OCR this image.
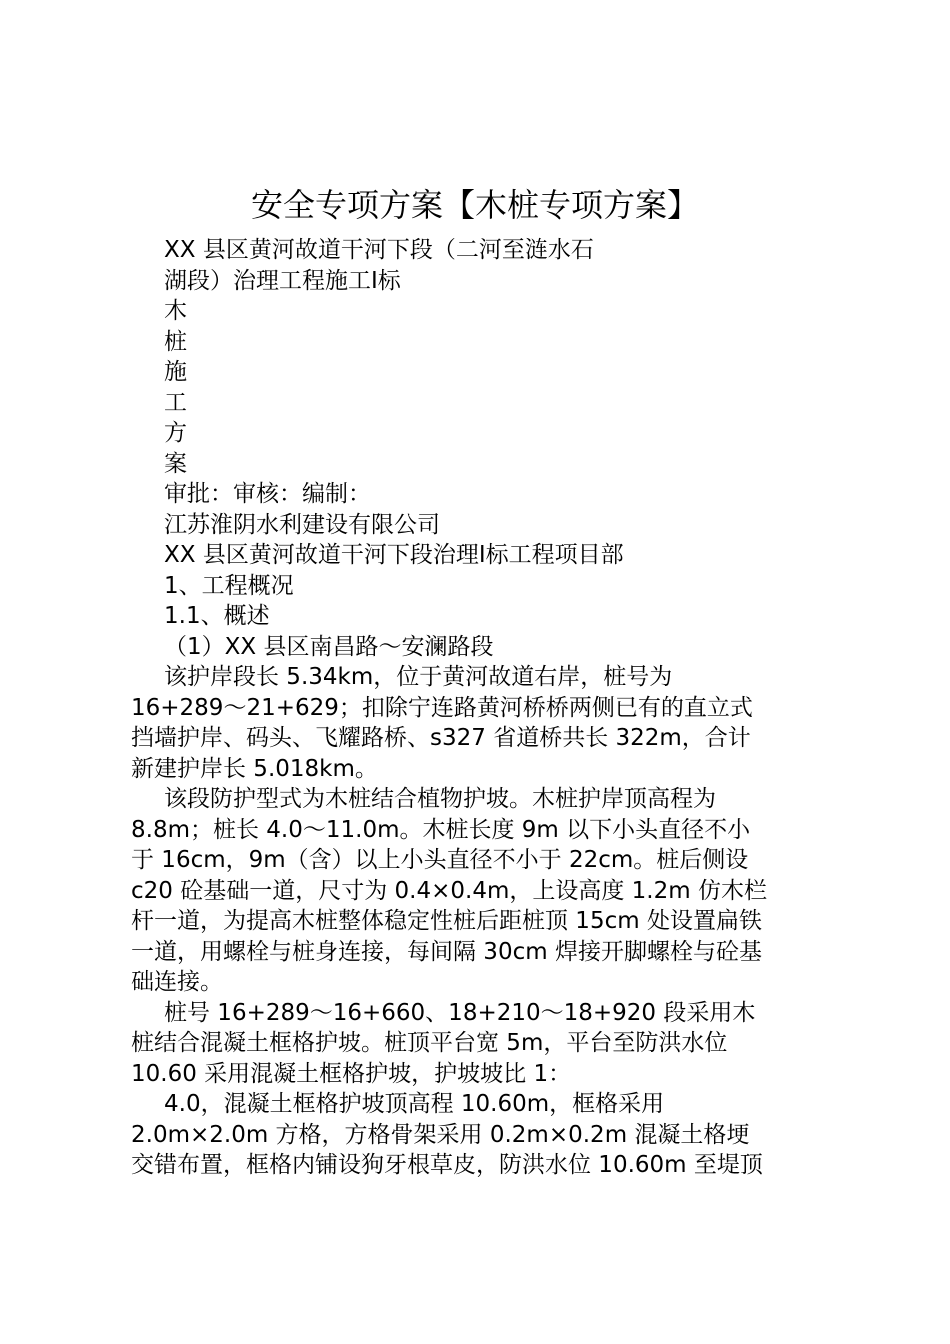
安全专项方案【木桩专项方案】
XX 县区黄河故道干河下段（二河至涟水石
湖段）治理工程施工Ⅰ标
木
桩
施
工
方
案
审批：审核：编制：
江苏淮阴水利建设有限公司
XX 县区黄河故道干河下段治理Ⅰ标工程项目部
1、工程概况
1.1、概述
（1）XX 县区南昌路～安澜路段
该护岸段长 5.34km，位于黄河故道右岸，桩号为
16+289～21+629；扣除宁连路黄河桥桥两侧已有的直立式
挡墙护岸、码头、飞耀路桥、s327 省道桥共长 322m，合计
新建护岸长 5.018km。
该段防护型式为木桩结合植物护坡。木桩护岸顶高程为
8.8m；桩长 4.0～11.0m。木桩长度 9m 以下小头直径不小
于 16cm，9m（含）以上小头直径不小于 22cm。桩后侧设
c20 砼基础一道，尺寸为 0.4×0.4m，上设高度 1.2m 仿木栏
杆一道，为提高木桩整体稳定性桩后距桩顶 15cm 处设置扁铁
一道，用螺栓与桩身连接，每间隔 30cm 焊接开脚螺栓与砼基
础连接。
桩号 16+289～16+660、18+210～18+920 段采用木
桩结合混凝土框格护坡。桩顶平台宽 5m，平台至防洪水位
10.60 采用混凝土框格护坡，护坡坡比 1：
4.0，混凝土框格护坡顶高程 10.60m，框格采用
2.0m×2.0m 方格，方格骨架采用 0.2m×0.2m 混凝土格埂
交错布置，框格内铺设狗牙根草皮，防洪水位 10.60m 至堤顶
